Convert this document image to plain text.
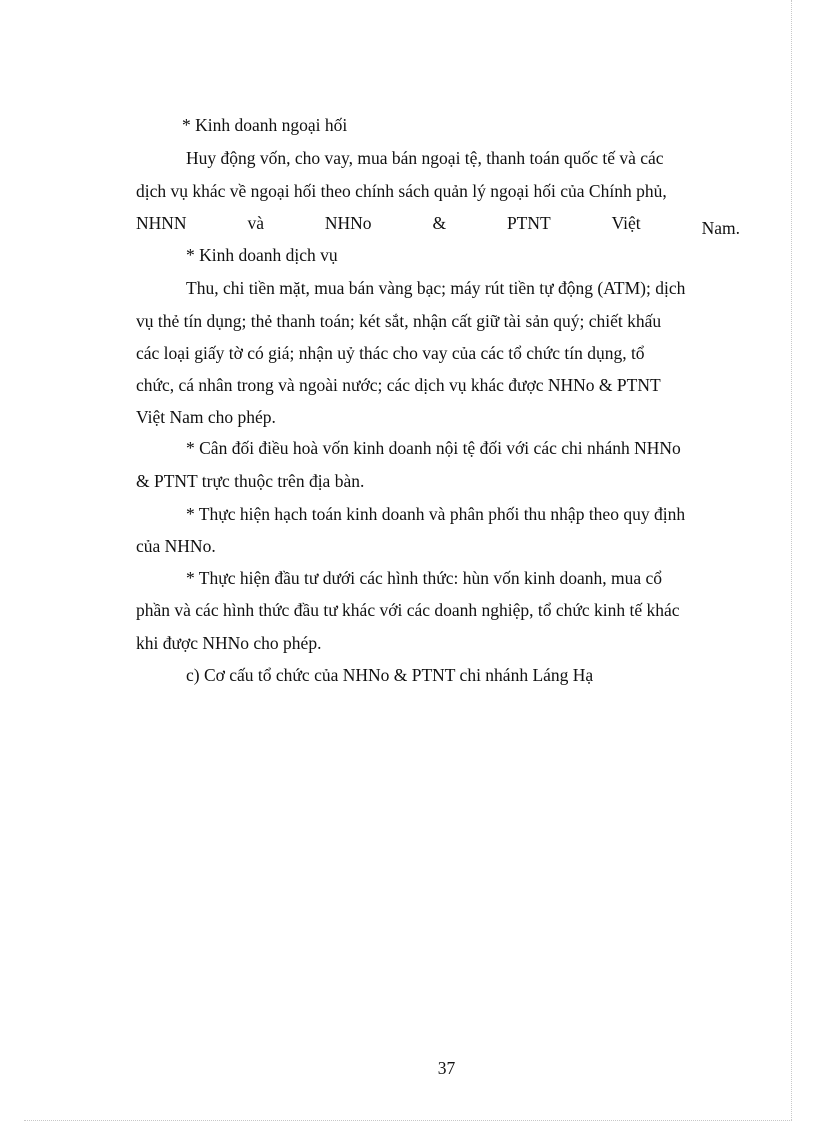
* Kinh doanh ngoại hối
Huy động vốn, cho vay, mua bán ngoại tệ, thanh toán quốc tế và các
dịch vụ khác về ngoại hối theo chính sách quản lý ngoại hối của Chính phủ,
NHNN	và	NHNo	&	PTNT	Việt	Nam.
* Kinh doanh dịch vụ
Thu, chi tiền mặt, mua bán vàng bạc; máy rút tiền tự động (ATM); dịch
vụ thẻ tín dụng; thẻ thanh toán; két sắt, nhận cất giữ tài sản quý; chiết khấu
các loại giấy tờ có giá; nhận uỷ thác cho vay của các tổ chức tín dụng, tổ
chức, cá nhân trong và ngoài nước; các dịch vụ khác được NHNo & PTNT
Việt Nam cho phép.
* Cân đối điều hoà vốn kinh doanh nội tệ đối với các chi nhánh NHNo
& PTNT trực thuộc trên địa bàn.
* Thực hiện hạch toán kinh doanh và phân phối thu nhập theo quy định
của NHNo.
* Thực hiện đầu tư dưới các hình thức: hùn vốn kinh doanh, mua cổ
phần và các hình thức đầu tư khác với các doanh nghiệp, tổ chức kinh tế khác
khi được NHNo cho phép.
c) Cơ cấu tổ chức của NHNo & PTNT chi nhánh Láng Hạ
37
